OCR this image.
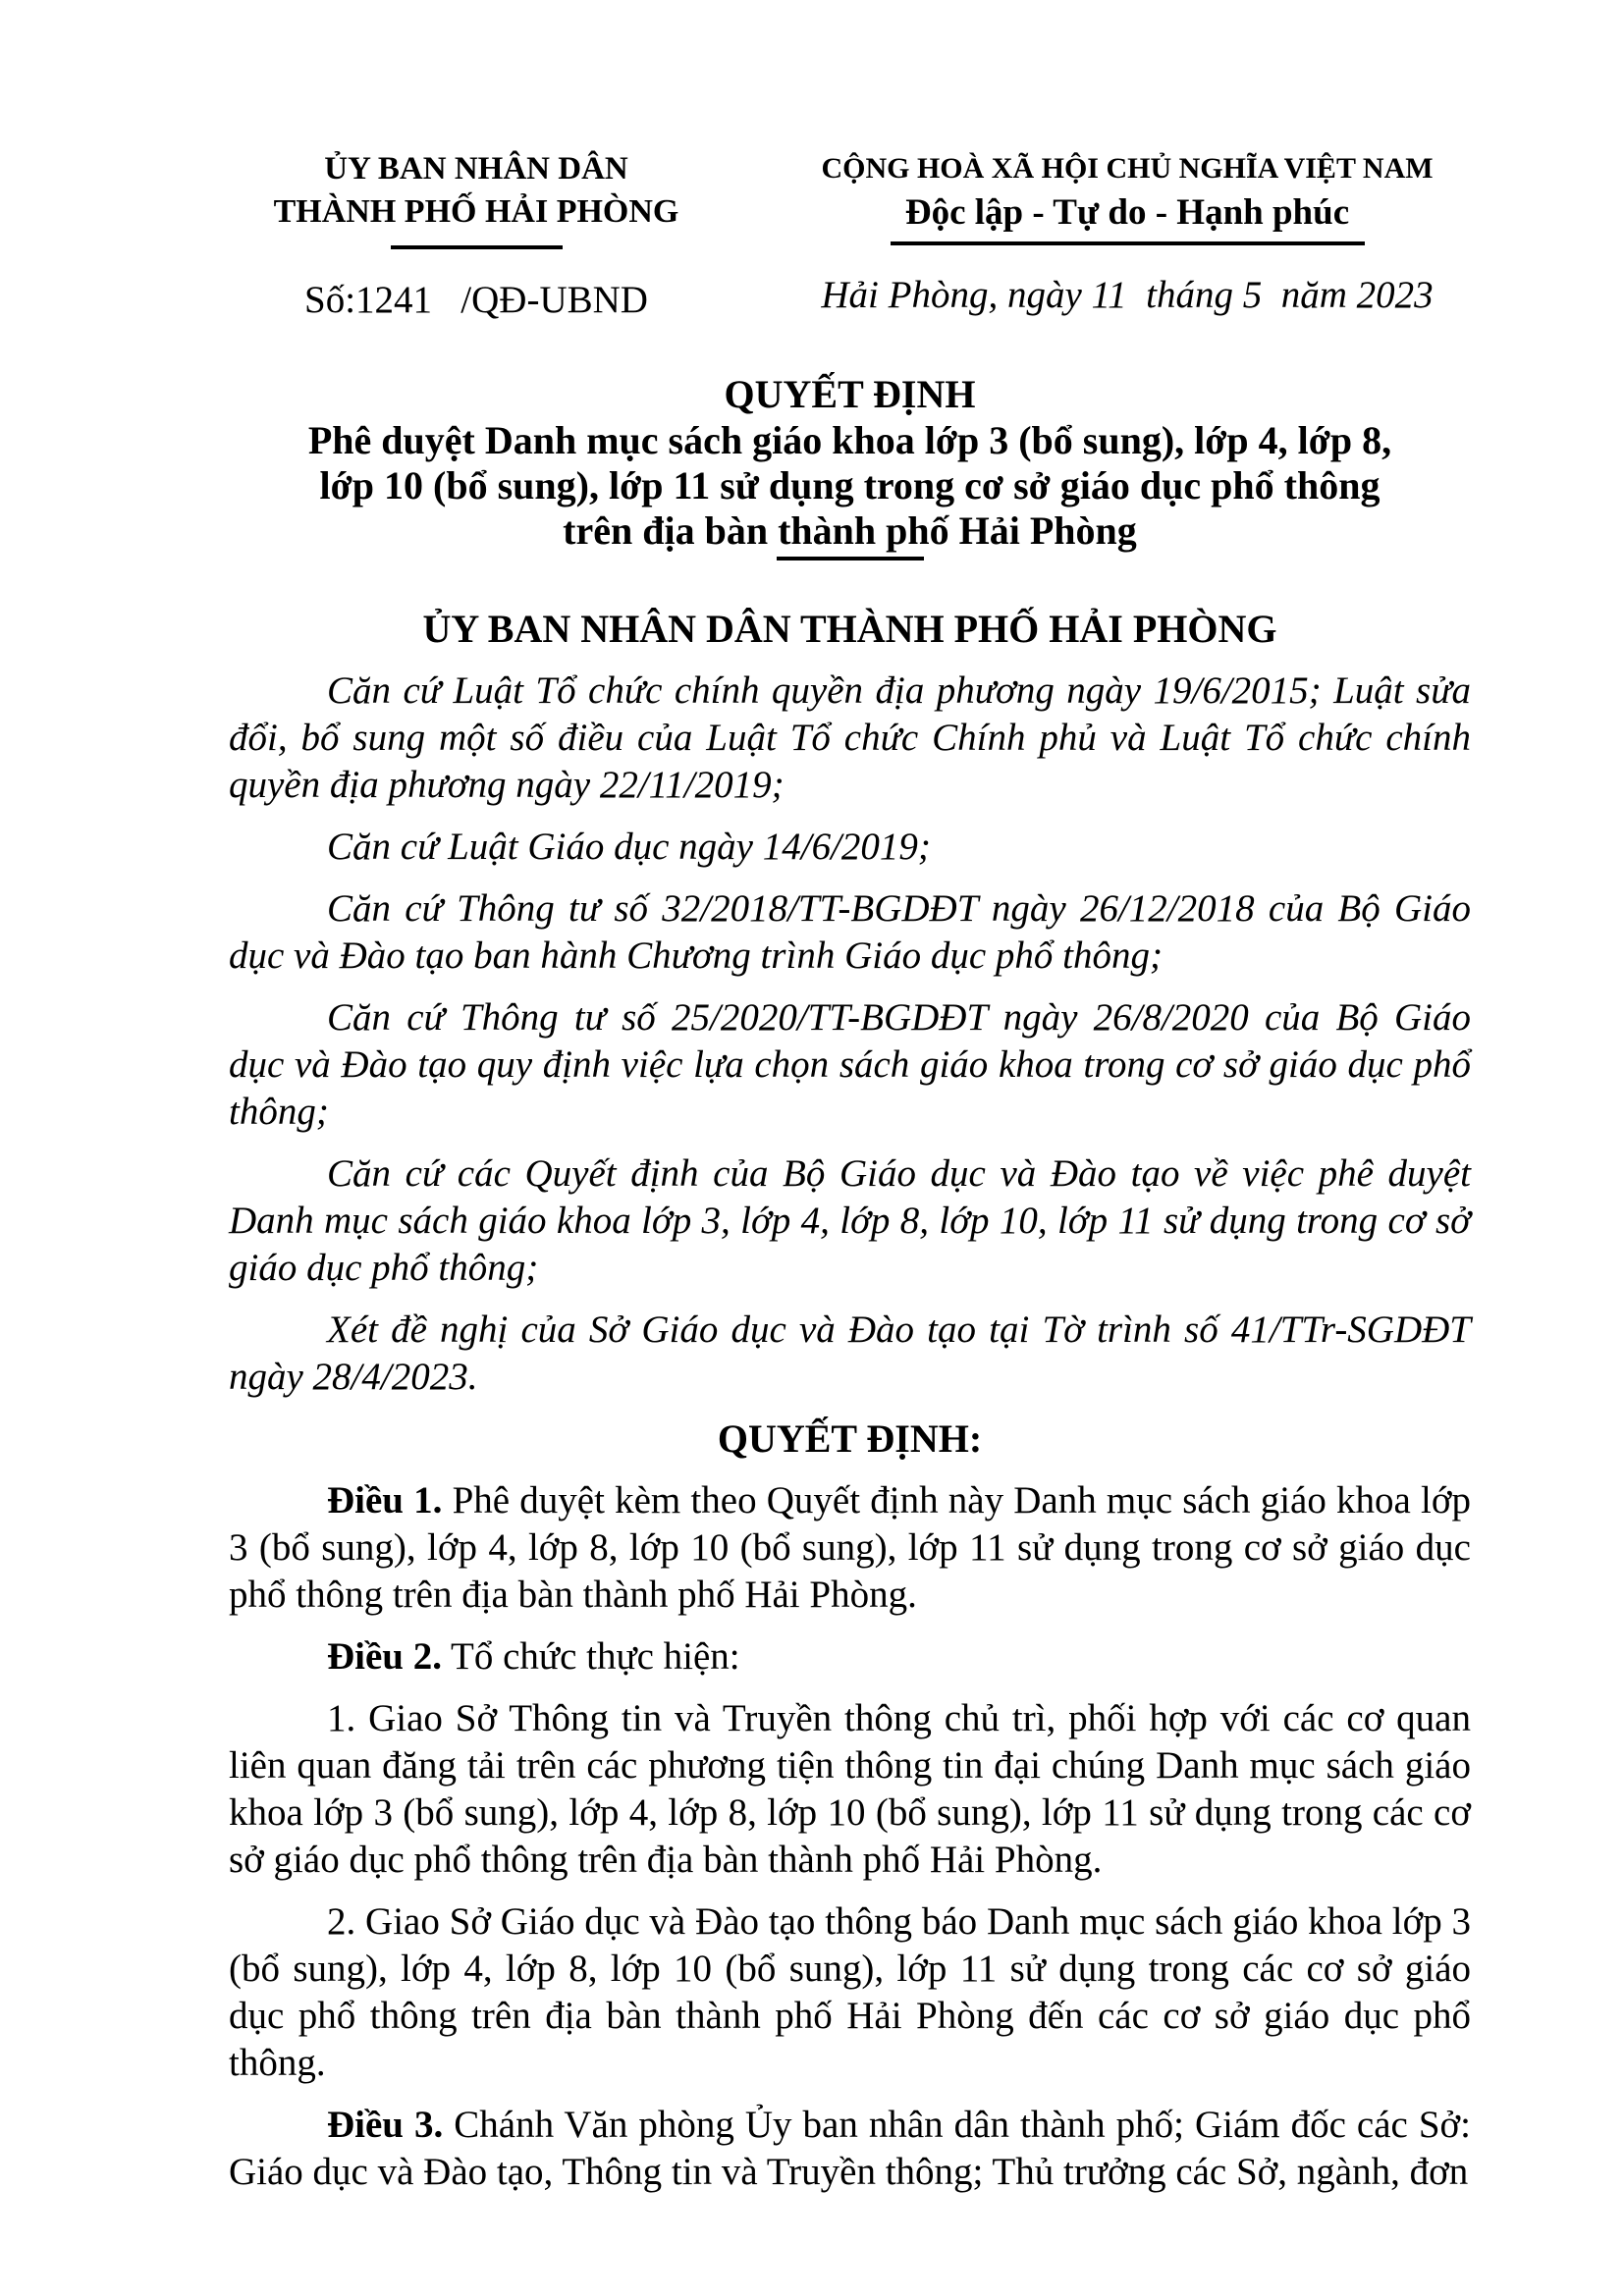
ỦY BAN NHÂN DÂN
THÀNH PHỐ HẢI PHÒNG
Số:1241   /QĐ-UBND
CỘNG HOÀ XÃ HỘI CHỦ NGHĨA VIỆT NAM
Độc lập - Tự do - Hạnh phúc
Hải Phòng, ngày 11  tháng 5  năm 2023
QUYẾT ĐỊNH
Phê duyệt Danh mục sách giáo khoa lớp 3 (bổ sung), lớp 4, lớp 8,
lớp 10 (bổ sung), lớp 11 sử dụng trong cơ sở giáo dục phổ thông
trên địa bàn thành phố Hải Phòng
ỦY BAN NHÂN DÂN THÀNH PHỐ HẢI PHÒNG

Căn cứ Luật Tổ chức chính quyền địa phương ngày 19/6/2015; Luật sửa đổi, bổ sung một số điều của Luật Tổ chức Chính phủ và Luật Tổ chức chính quyền địa phương ngày 22/11/2019;

Căn cứ Luật Giáo dục ngày 14/6/2019;

Căn cứ Thông tư số 32/2018/TT-BGDĐT ngày 26/12/2018 của Bộ Giáo dục và Đào tạo ban hành Chương trình Giáo dục phổ thông;

Căn cứ Thông tư số 25/2020/TT-BGDĐT ngày 26/8/2020 của Bộ Giáo dục và Đào tạo quy định việc lựa chọn sách giáo khoa trong cơ sở giáo dục phổ thông;

Căn cứ các Quyết định của Bộ Giáo dục và Đào tạo về việc phê duyệt Danh mục sách giáo khoa lớp 3, lớp 4, lớp 8, lớp 10, lớp 11 sử dụng trong cơ sở giáo dục phổ thông;

Xét đề nghị của Sở Giáo dục và Đào tạo tại Tờ trình số 41/TTr-SGDĐT ngày 28/4/2023.

QUYẾT ĐỊNH:

Điều 1. Phê duyệt kèm theo Quyết định này Danh mục sách giáo khoa lớp 3 (bổ sung), lớp 4, lớp 8, lớp 10 (bổ sung), lớp 11 sử dụng trong cơ sở giáo dục phổ thông trên địa bàn thành phố Hải Phòng.

Điều 2. Tổ chức thực hiện:

1. Giao Sở Thông tin và Truyền thông chủ trì, phối hợp với các cơ quan liên quan đăng tải trên các phương tiện thông tin đại chúng Danh mục sách giáo khoa lớp 3 (bổ sung), lớp 4, lớp 8, lớp 10 (bổ sung), lớp 11 sử dụng trong các cơ sở giáo dục phổ thông trên địa bàn thành phố Hải Phòng.

2. Giao Sở Giáo dục và Đào tạo thông báo Danh mục sách giáo khoa lớp 3 (bổ sung), lớp 4, lớp 8, lớp 10 (bổ sung), lớp 11 sử dụng trong các cơ sở giáo dục phổ thông trên địa bàn thành phố Hải Phòng đến các cơ sở giáo dục phổ thông.

Điều 3. Chánh Văn phòng Ủy ban nhân dân thành phố; Giám đốc các Sở: Giáo dục và Đào tạo, Thông tin và Truyền thông; Thủ trưởng các Sở, ngành, đơn
